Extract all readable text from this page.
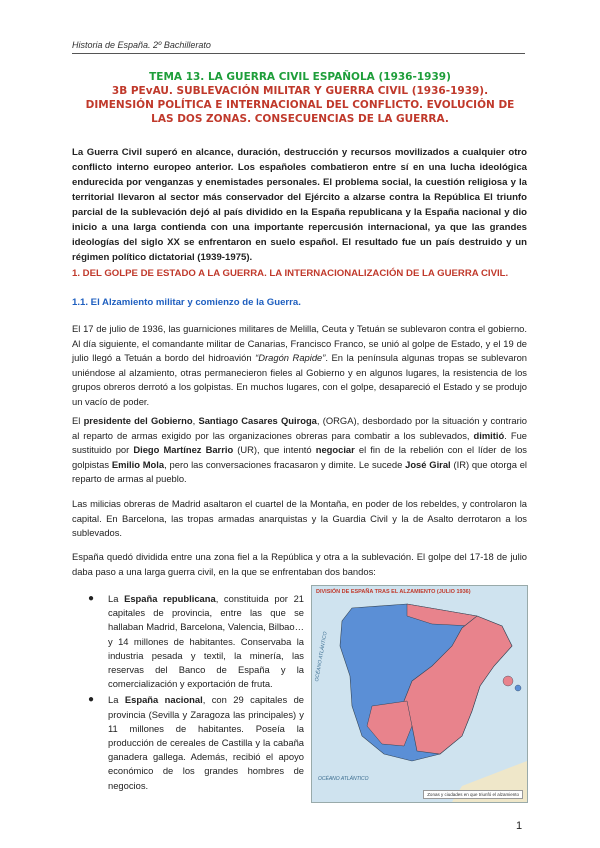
Historia de España. 2º Bachillerato
TEMA 13. LA GUERRA CIVIL ESPAÑOLA (1936-1939)
3B PEvAU. SUBLEVACIÓN MILITAR Y GUERRA CIVIL (1936-1939). DIMENSIÓN POLÍTICA E INTERNACIONAL DEL CONFLICTO. EVOLUCIÓN DE LAS DOS ZONAS. CONSECUENCIAS DE LA GUERRA.
La Guerra Civil superó en alcance, duración, destrucción y recursos movilizados a cualquier otro conflicto interno europeo anterior. Los españoles combatieron entre sí en una lucha ideológica endurecida por venganzas y enemistades personales. El problema social, la cuestión religiosa y la territorial llevaron al sector más conservador del Ejército a alzarse contra la República El triunfo parcial de la sublevación dejó al país dividido en la España republicana y la España nacional y dio inicio a una larga contienda con una importante repercusión internacional, ya que las grandes ideologías del siglo XX se enfrentaron en suelo español. El resultado fue un país destruido y un régimen político dictatorial (1939-1975).
1. DEL GOLPE DE ESTADO A LA GUERRA. LA INTERNACIONALIZACIÓN DE LA GUERRA CIVIL.
1.1. El Alzamiento militar y comienzo de la Guerra.
El 17 de julio de 1936, las guarniciones militares de Melilla, Ceuta y Tetuán se sublevaron contra el gobierno. Al día siguiente, el comandante militar de Canarias, Francisco Franco, se unió al golpe de Estado, y el 19 de julio llegó a Tetuán a bordo del hidroavión “Dragón Rapide”. En la península algunas tropas se sublevaron uniéndose al alzamiento, otras permanecieron fieles al Gobierno y en algunos lugares, la resistencia de los grupos obreros derrotó a los golpistas. En muchos lugares, con el golpe, desapareció el Estado y se produjo un vacío de poder.
El presidente del Gobierno, Santiago Casares Quiroga, (ORGA), desbordado por la situación y contrario al reparto de armas exigido por las organizaciones obreras para combatir a los sublevados, dimitió. Fue sustituido por Diego Martínez Barrio (UR), que intentó negociar el fin de la rebelión con el líder de los golpistas Emilio Mola, pero las conversaciones fracasaron y dimite. Le sucede José Giral (IR) que otorga el reparto de armas al pueblo.
Las milicias obreras de Madrid asaltaron el cuartel de la Montaña, en poder de los rebeldes, y controlaron la capital. En Barcelona, las tropas armadas anarquistas y la Guardia Civil y la de Asalto derrotaron a los sublevados.
España quedó dividida entre una zona fiel a la República y otra a la sublevación. El golpe del 17-18 de julio daba paso a una larga guerra civil, en la que se enfrentaban dos bandos:
● La España republicana, constituida por 21 capitales de provincia, entre las que se hallaban Madrid, Barcelona, Valencia, Bilbao… y 14 millones de habitantes. Conservaba la industria pesada y textil, la minería, las reservas del Banco de España y la comercialización y exportación de fruta.
● La España nacional, con 29 capitales de provincia (Sevilla y Zaragoza las principales) y 11 millones de habitantes. Poseía la producción de cereales de Castilla y la cabaña ganadera gallega. Además, recibió el apoyo económico de los grandes hombres de negocios.
DIVISIÓN DE ESPAÑA TRAS EL ALZAMIENTO (JULIO 1936)
OCÉANO ATLÁNTICO
OCÉANO ATLÁNTICO
Zonas y ciudades en que triunfó el alzamiento
1
